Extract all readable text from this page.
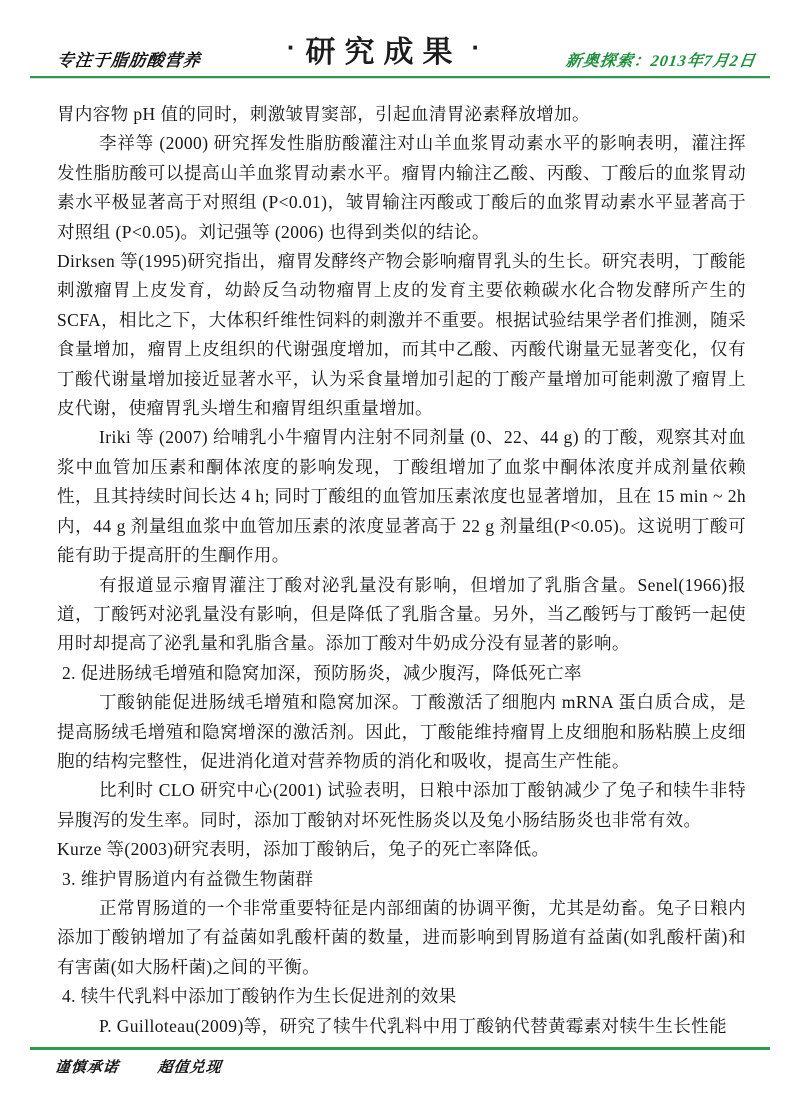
专注于脂肪酸营养	· 研究成果 ·	新奥探索：2013年7月2日

胃内容物 pH 值的同时，刺激皱胃窦部，引起血清胃泌素释放增加。

李祥等 (2000) 研究挥发性脂肪酸灌注对山羊血浆胃动素水平的影响表明，灌注挥发性脂肪酸可以提高山羊血浆胃动素水平。瘤胃内输注乙酸、丙酸、丁酸后的血浆胃动素水平极显著高于对照组 (P<0.01)，皱胃输注丙酸或丁酸后的血浆胃动素水平显著高于对照组 (P<0.05)。刘记强等 (2006) 也得到类似的结论。

Dirksen 等(1995)研究指出，瘤胃发酵终产物会影响瘤胃乳头的生长。研究表明，丁酸能刺激瘤胃上皮发育，幼龄反刍动物瘤胃上皮的发育主要依赖碳水化合物发酵所产生的 SCFA，相比之下，大体积纤维性饲料的刺激并不重要。根据试验结果学者们推测，随采食量增加，瘤胃上皮组织的代谢强度增加，而其中乙酸、丙酸代谢量无显著变化，仅有丁酸代谢量增加接近显著水平，认为采食量增加引起的丁酸产量增加可能刺激了瘤胃上皮代谢，使瘤胃乳头增生和瘤胃组织重量增加。

Iriki 等 (2007) 给哺乳小牛瘤胃内注射不同剂量 (0、22、44 g) 的丁酸，观察其对血浆中血管加压素和酮体浓度的影响发现，丁酸组增加了血浆中酮体浓度并成剂量依赖性，且其持续时间长达 4 h; 同时丁酸组的血管加压素浓度也显著增加，且在 15 min ~ 2h 内，44 g 剂量组血浆中血管加压素的浓度显著高于 22 g 剂量组(P<0.05)。这说明丁酸可能有助于提高肝的生酮作用。

有报道显示瘤胃灌注丁酸对泌乳量没有影响，但增加了乳脂含量。Senel(1966)报道，丁酸钙对泌乳量没有影响，但是降低了乳脂含量。另外，当乙酸钙与丁酸钙一起使用时却提高了泌乳量和乳脂含量。添加丁酸对牛奶成分没有显著的影响。

2. 促进肠绒毛增殖和隐窝加深，预防肠炎，减少腹泻，降低死亡率

丁酸钠能促进肠绒毛增殖和隐窝加深。丁酸激活了细胞内 mRNA 蛋白质合成，是提高肠绒毛增殖和隐窝增深的激活剂。因此，丁酸能维持瘤胃上皮细胞和肠粘膜上皮细胞的结构完整性，促进消化道对营养物质的消化和吸收，提高生产性能。

比利时 CLO 研究中心(2001) 试验表明，日粮中添加丁酸钠减少了兔子和犊牛非特异腹泻的发生率。同时，添加丁酸钠对坏死性肠炎以及兔小肠结肠炎也非常有效。

Kurze 等(2003)研究表明，添加丁酸钠后，兔子的死亡率降低。

3. 维护胃肠道内有益微生物菌群

正常胃肠道的一个非常重要特征是内部细菌的协调平衡，尤其是幼畜。兔子日粮内添加丁酸钠增加了有益菌如乳酸杆菌的数量，进而影响到胃肠道有益菌(如乳酸杆菌)和有害菌(如大肠杆菌)之间的平衡。

4. 犊牛代乳料中添加丁酸钠作为生长促进剂的效果

P. Guilloteau(2009)等，研究了犊牛代乳料中用丁酸钠代替黄霉素对犊牛生长性能

谨慎承诺 超值兑现
